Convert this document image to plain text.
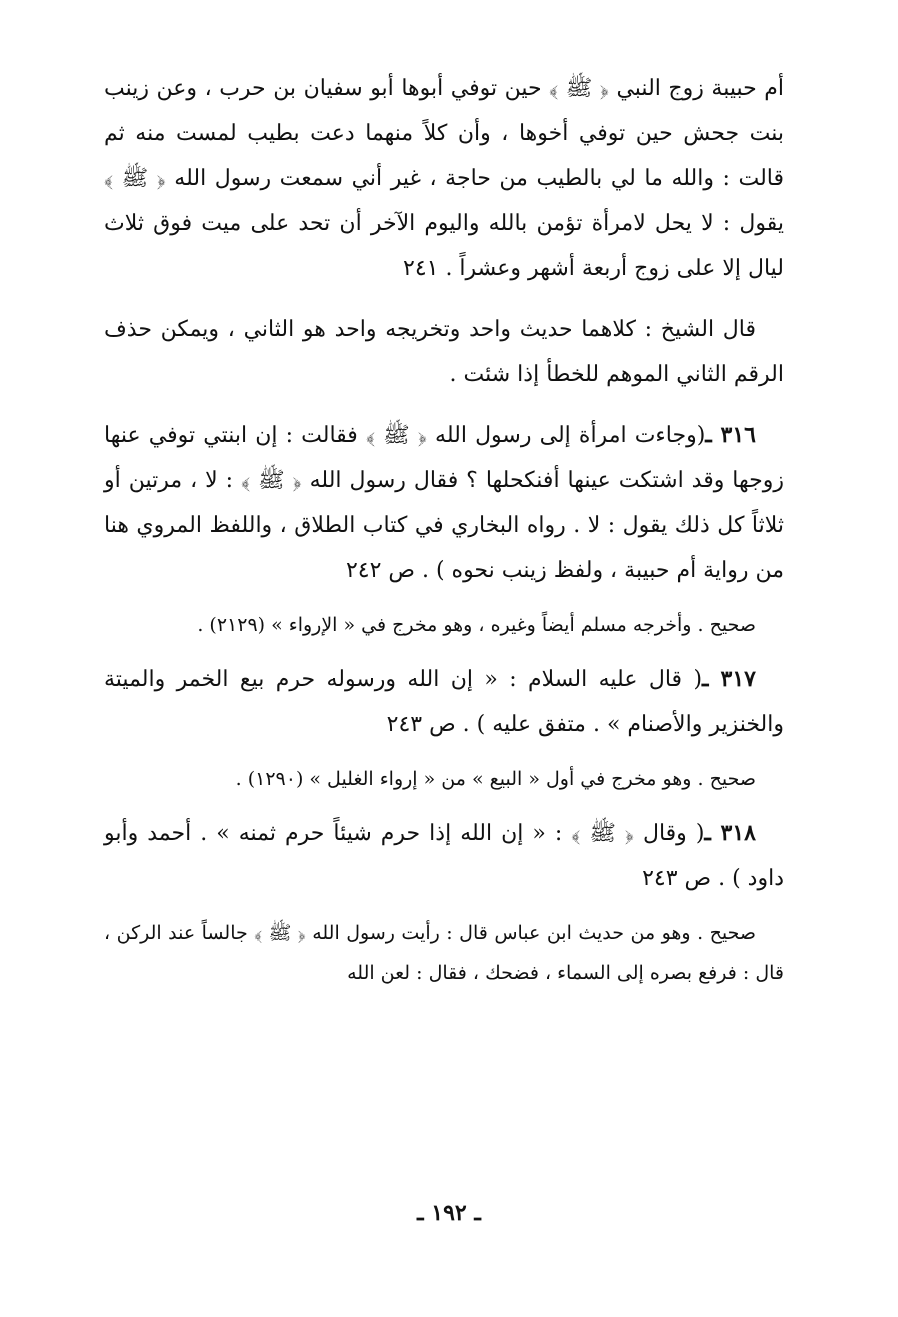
أم حبيبة زوج النبي ﴿ ﷺ ﴾ حين توفي أبوها أبو سفيان بن حرب ، وعن زينب بنت جحش حين توفي أخوها ، وأن كلاً منهما دعت بطيب لمست منه ثم قالت : والله ما لي بالطيب من حاجة ، غير أني سمعت رسول الله ﴿ ﷺ ﴾ يقول : لا يحل لامرأة تؤمن بالله واليوم الآخر أن تحد على ميت فوق ثلاث ليال إلا على زوج أربعة أشهر وعشراً . ٢٤١

قال الشيخ : كلاهما حديث واحد وتخريجه واحد هو الثاني ، ويمكن حذف الرقم الثاني الموهم للخطأ إذا شئت .

٣١٦ ـ(وجاءت امرأة إلى رسول الله ﴿ ﷺ ﴾ فقالت : إن ابنتي توفي عنها زوجها وقد اشتكت عينها أفنكحلها ؟ فقال رسول الله ﴿ ﷺ ﴾ : لا ، مرتين أو ثلاثاً كل ذلك يقول : لا . رواه البخاري في كتاب الطلاق ، واللفظ المروي هنا من رواية أم حبيبة ، ولفظ زينب نحوه ) . ص ٢٤٢

صحيح . وأخرجه مسلم أيضاً وغيره ، وهو مخرج في « الإرواء » (٢١٢٩) .

٣١٧ ـ( قال عليه السلام : « إن الله ورسوله حرم بيع الخمر والميتة والخنزير والأصنام » . متفق عليه ) . ص ٢٤٣

صحيح . وهو مخرج في أول « البيع » من « إرواء الغليل » (١٢٩٠) .

٣١٨ ـ( وقال ﴿ ﷺ ﴾ : « إن الله إذا حرم شيئاً حرم ثمنه » . أحمد وأبو داود ) . ص ٢٤٣

صحيح . وهو من حديث ابن عباس قال : رأيت رسول الله ﴿ ﷺ ﴾ جالساً عند الركن ، قال : فرفع بصره إلى السماء ، فضحك ، فقال : لعن الله

ـ ١٩٢ ـ
